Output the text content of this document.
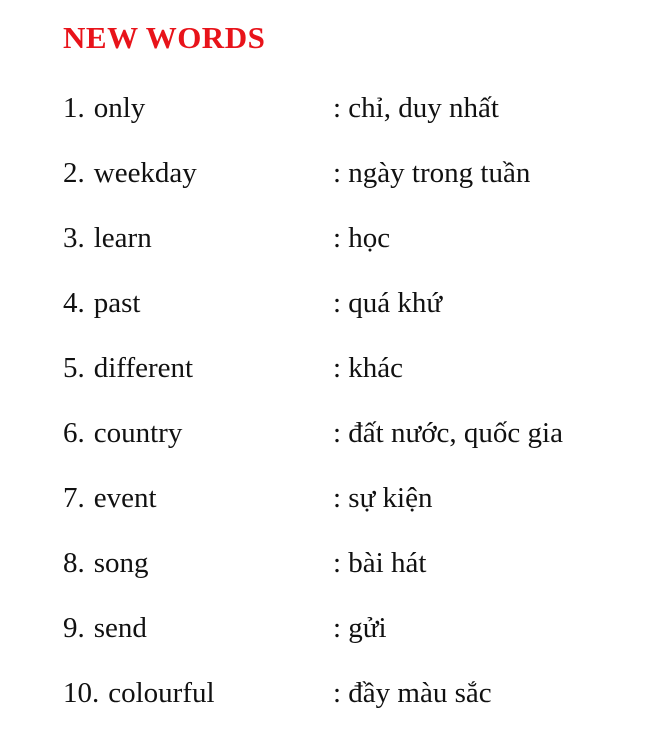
NEW WORDS
1. only	: chỉ, duy nhất
2. weekday	: ngày trong tuần
3. learn	: học
4. past	: quá khứ
5. different	: khác
6. country	: đất nước, quốc gia
7. event	: sự kiện
8. song	: bài hát
9. send	: gửi
10. colourful	: đầy màu sắc
